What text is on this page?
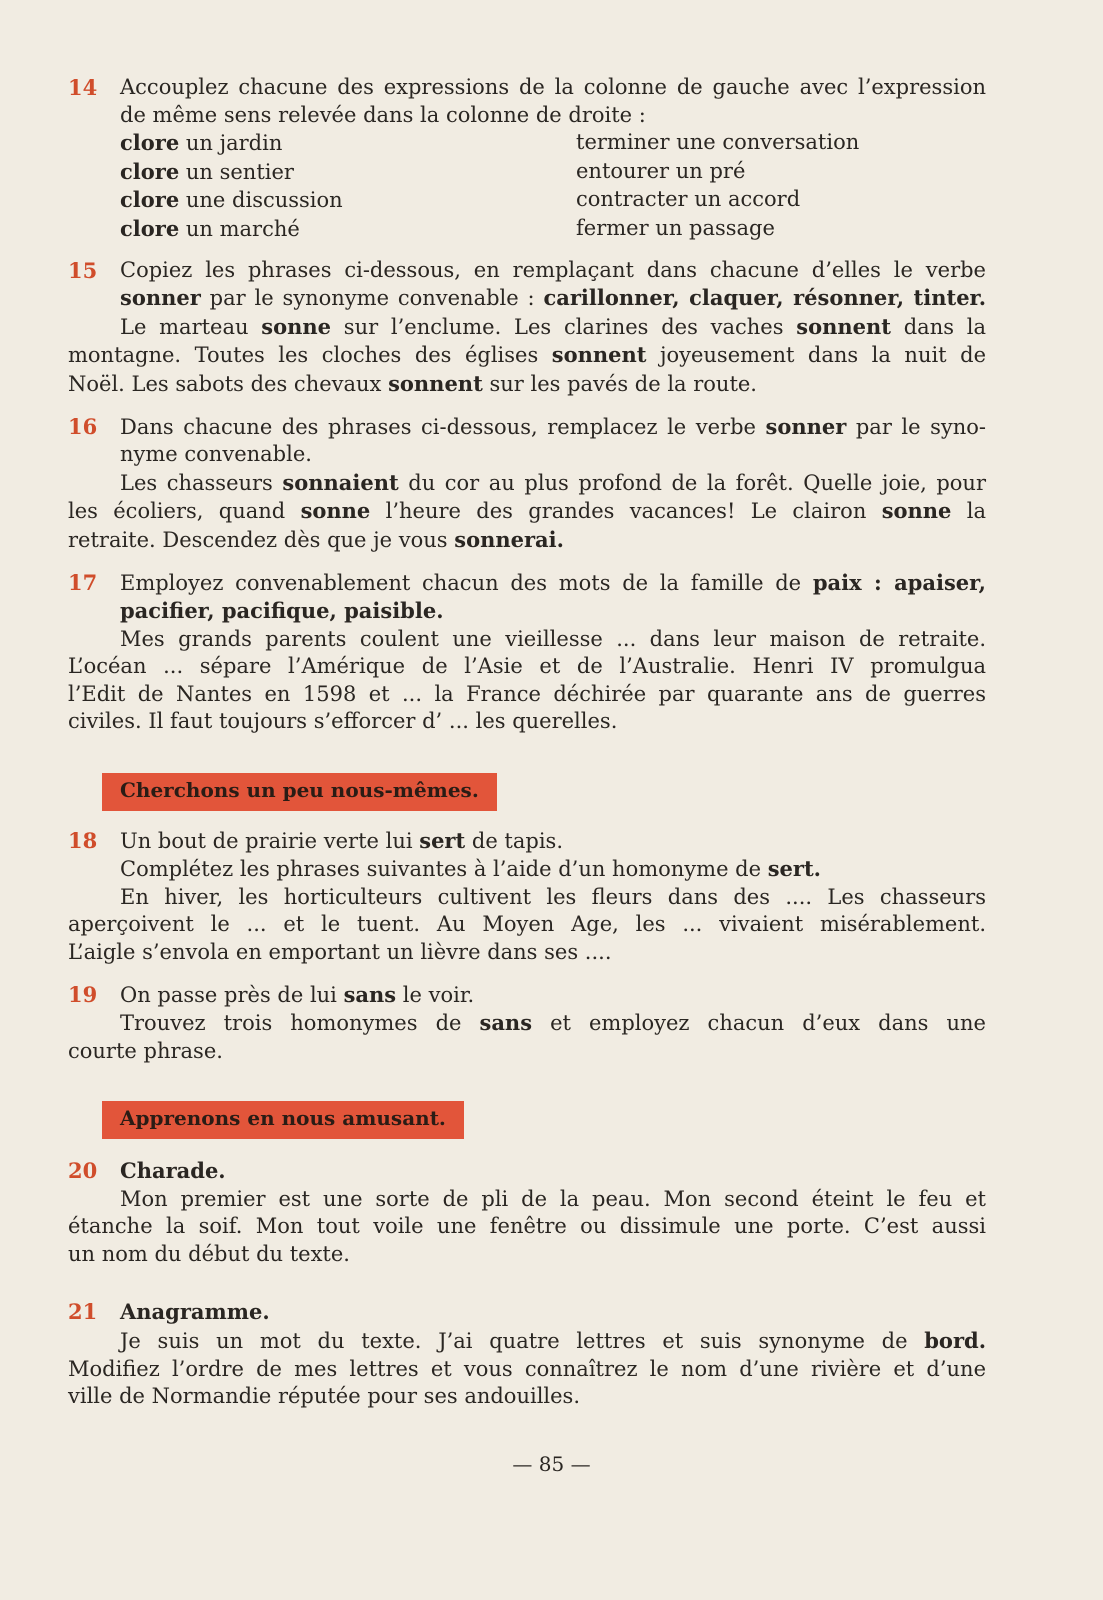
14	Accouplez chacune des expressions de la colonne de gauche avec l’expression
de même sens relevée dans la colonne de droite :
clore un jardin	terminer une conversation
clore un sentier	entourer un pré
clore une discussion	contracter un accord
clore un marché	fermer un passage
15	Copiez les phrases ci-dessous, en remplaçant dans chacune d’elles le verbe
sonner par le synonyme convenable : carillonner, claquer, résonner, tinter.
Le marteau sonne sur l’enclume. Les clarines des vaches sonnent dans la
montagne. Toutes les cloches des églises sonnent joyeusement dans la nuit de
Noël. Les sabots des chevaux sonnent sur les pavés de la route.
16	Dans chacune des phrases ci-dessous, remplacez le verbe sonner par le syno-
nyme convenable.
Les chasseurs sonnaient du cor au plus profond de la forêt. Quelle joie, pour
les écoliers, quand sonne l’heure des grandes vacances! Le clairon sonne la
retraite. Descendez dès que je vous sonnerai.
17	Employez convenablement chacun des mots de la famille de paix : apaiser,
pacifier, pacifique, paisible.
Mes grands parents coulent une vieillesse ... dans leur maison de retraite.
L’océan ... sépare l’Amérique de l’Asie et de l’Australie. Henri IV promulgua
l’Edit de Nantes en 1598 et ... la France déchirée par quarante ans de guerres
civiles. Il faut toujours s’efforcer d’ ... les querelles.
Cherchons un peu nous-mêmes.
18	Un bout de prairie verte lui sert de tapis.
Complétez les phrases suivantes à l’aide d’un homonyme de sert.
En hiver, les horticulteurs cultivent les fleurs dans des .... Les chasseurs
aperçoivent le ... et le tuent. Au Moyen Age, les ... vivaient misérablement.
L’aigle s’envola en emportant un lièvre dans ses ....
19	On passe près de lui sans le voir.
Trouvez trois homonymes de sans et employez chacun d’eux dans une
courte phrase.
Apprenons en nous amusant.
20	Charade.
Mon premier est une sorte de pli de la peau. Mon second éteint le feu et
étanche la soif. Mon tout voile une fenêtre ou dissimule une porte. C’est aussi
un nom du début du texte.
21	Anagramme.
Je suis un mot du texte. J’ai quatre lettres et suis synonyme de bord.
Modifiez l’ordre de mes lettres et vous connaîtrez le nom d’une rivière et d’une
ville de Normandie réputée pour ses andouilles.
— 85 —
